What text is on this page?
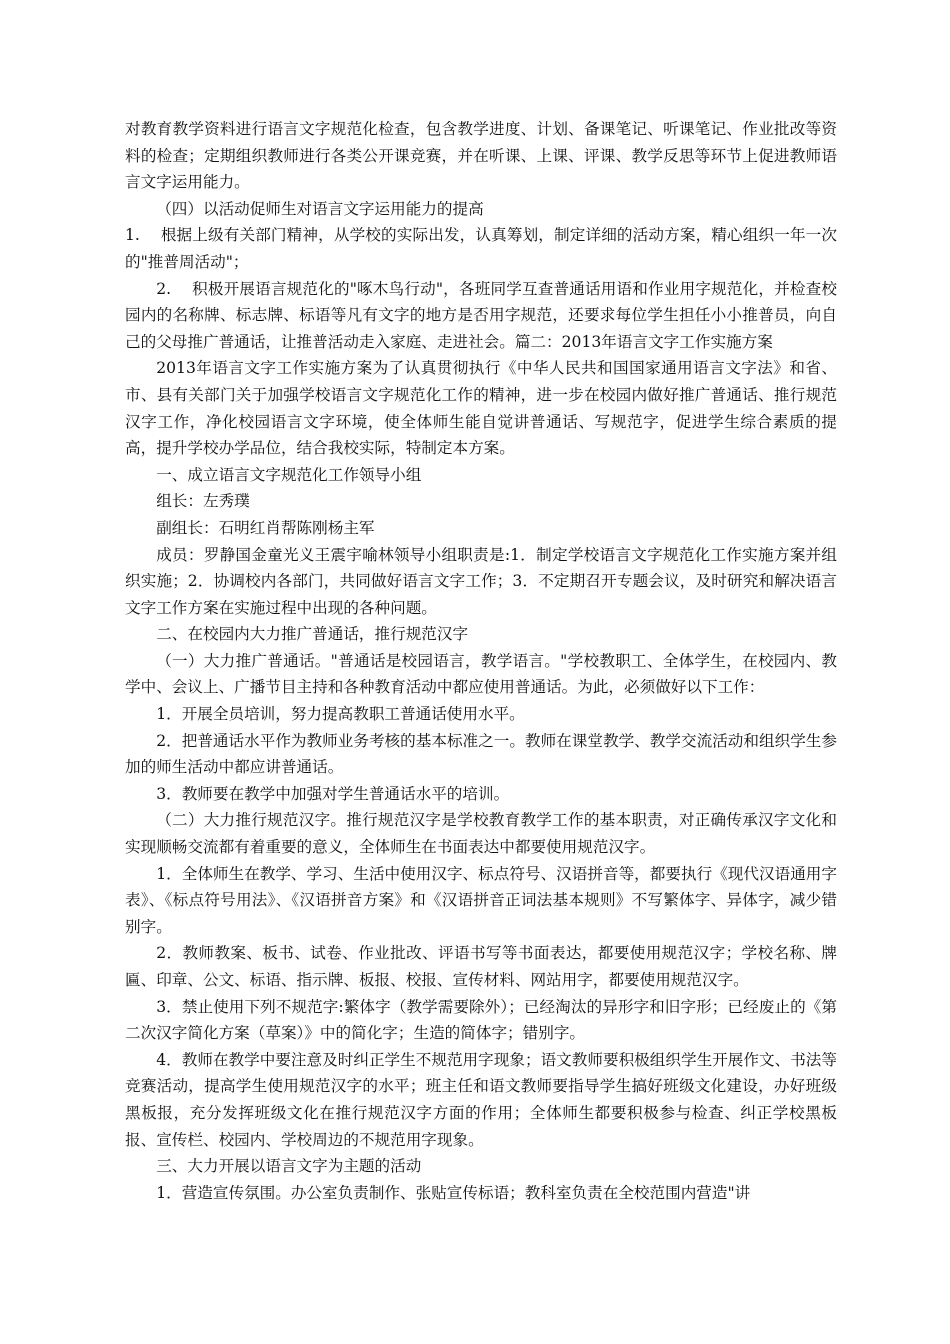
对教育教学资料进行语言文字规范化检查，包含教学进度、计划、备课笔记、听课笔记、作业批改等资料的检查；定期组织教师进行各类公开课竞赛，并在听课、上课、评课、教学反思等环节上促进教师语言文字运用能力。

（四）以活动促师生对语言文字运用能力的提高

1.　 根据上级有关部门精神，从学校的实际出发，认真筹划，制定详细的活动方案，精心组织一年一次的"推普周活动"；

2.　 积极开展语言规范化的"啄木鸟行动"，各班同学互查普通话用语和作业用字规范化，并检查校园内的名称牌、标志牌、标语等凡有文字的地方是否用字规范，还要求每位学生担任小小推普员，向自己的父母推广普通话，让推普活动走入家庭、走进社会。篇二：2013年语言文字工作实施方案

2013年语言文字工作实施方案为了认真贯彻执行《中华人民共和国国家通用语言文字法》和省、市、县有关部门关于加强学校语言文字规范化工作的精神，进一步在校园内做好推广普通话、推行规范汉字工作，净化校园语言文字环境，使全体师生能自觉讲普通话、写规范字，促进学生综合素质的提高，提升学校办学品位，结合我校实际，特制定本方案。

一、成立语言文字规范化工作领导小组

组长：左秀璞

副组长：石明红肖帮陈刚杨主军

成员：罗静国金童光义王震宇喻林领导小组职责是:1．制定学校语言文字规范化工作实施方案并组织实施；2．协调校内各部门，共同做好语言文字工作；3．不定期召开专题会议，及时研究和解决语言文字工作方案在实施过程中出现的各种问题。

二、在校园内大力推广普通话，推行规范汉字

（一）大力推广普通话。"普通话是校园语言，教学语言。"学校教职工、全体学生，在校园内、教学中、会议上、广播节目主持和各种教育活动中都应使用普通话。为此，必须做好以下工作：

1．开展全员培训，努力提高教职工普通话使用水平。

2．把普通话水平作为教师业务考核的基本标准之一。教师在课堂教学、教学交流活动和组织学生参加的师生活动中都应讲普通话。

3．教师要在教学中加强对学生普通话水平的培训。

（二）大力推行规范汉字。推行规范汉字是学校教育教学工作的基本职责，对正确传承汉字文化和实现顺畅交流都有着重要的意义，全体师生在书面表达中都要使用规范汉字。

1．全体师生在教学、学习、生活中使用汉字、标点符号、汉语拼音等，都要执行《现代汉语通用字表》、《标点符号用法》、《汉语拼音方案》和《汉语拼音正词法基本规则》不写繁体字、异体字，减少错别字。

2．教师教案、板书、试卷、作业批改、评语书写等书面表达，都要使用规范汉字；学校名称、牌匾、印章、公文、标语、指示牌、板报、校报、宣传材料、网站用字，都要使用规范汉字。

3．禁止使用下列不规范字:繁体字（教学需要除外）；已经淘汰的异形字和旧字形；已经废止的《第二次汉字简化方案（草案）》中的简化字；生造的简体字；错别字。

4．教师在教学中要注意及时纠正学生不规范用字现象；语文教师要积极组织学生开展作文、书法等竞赛活动，提高学生使用规范汉字的水平；班主任和语文教师要指导学生搞好班级文化建设，办好班级黑板报，充分发挥班级文化在推行规范汉字方面的作用；全体师生都要积极参与检查、纠正学校黑板报、宣传栏、校园内、学校周边的不规范用字现象。

三、大力开展以语言文字为主题的活动

1．营造宣传氛围。办公室负责制作、张贴宣传标语；教科室负责在全校范围内营造"讲
